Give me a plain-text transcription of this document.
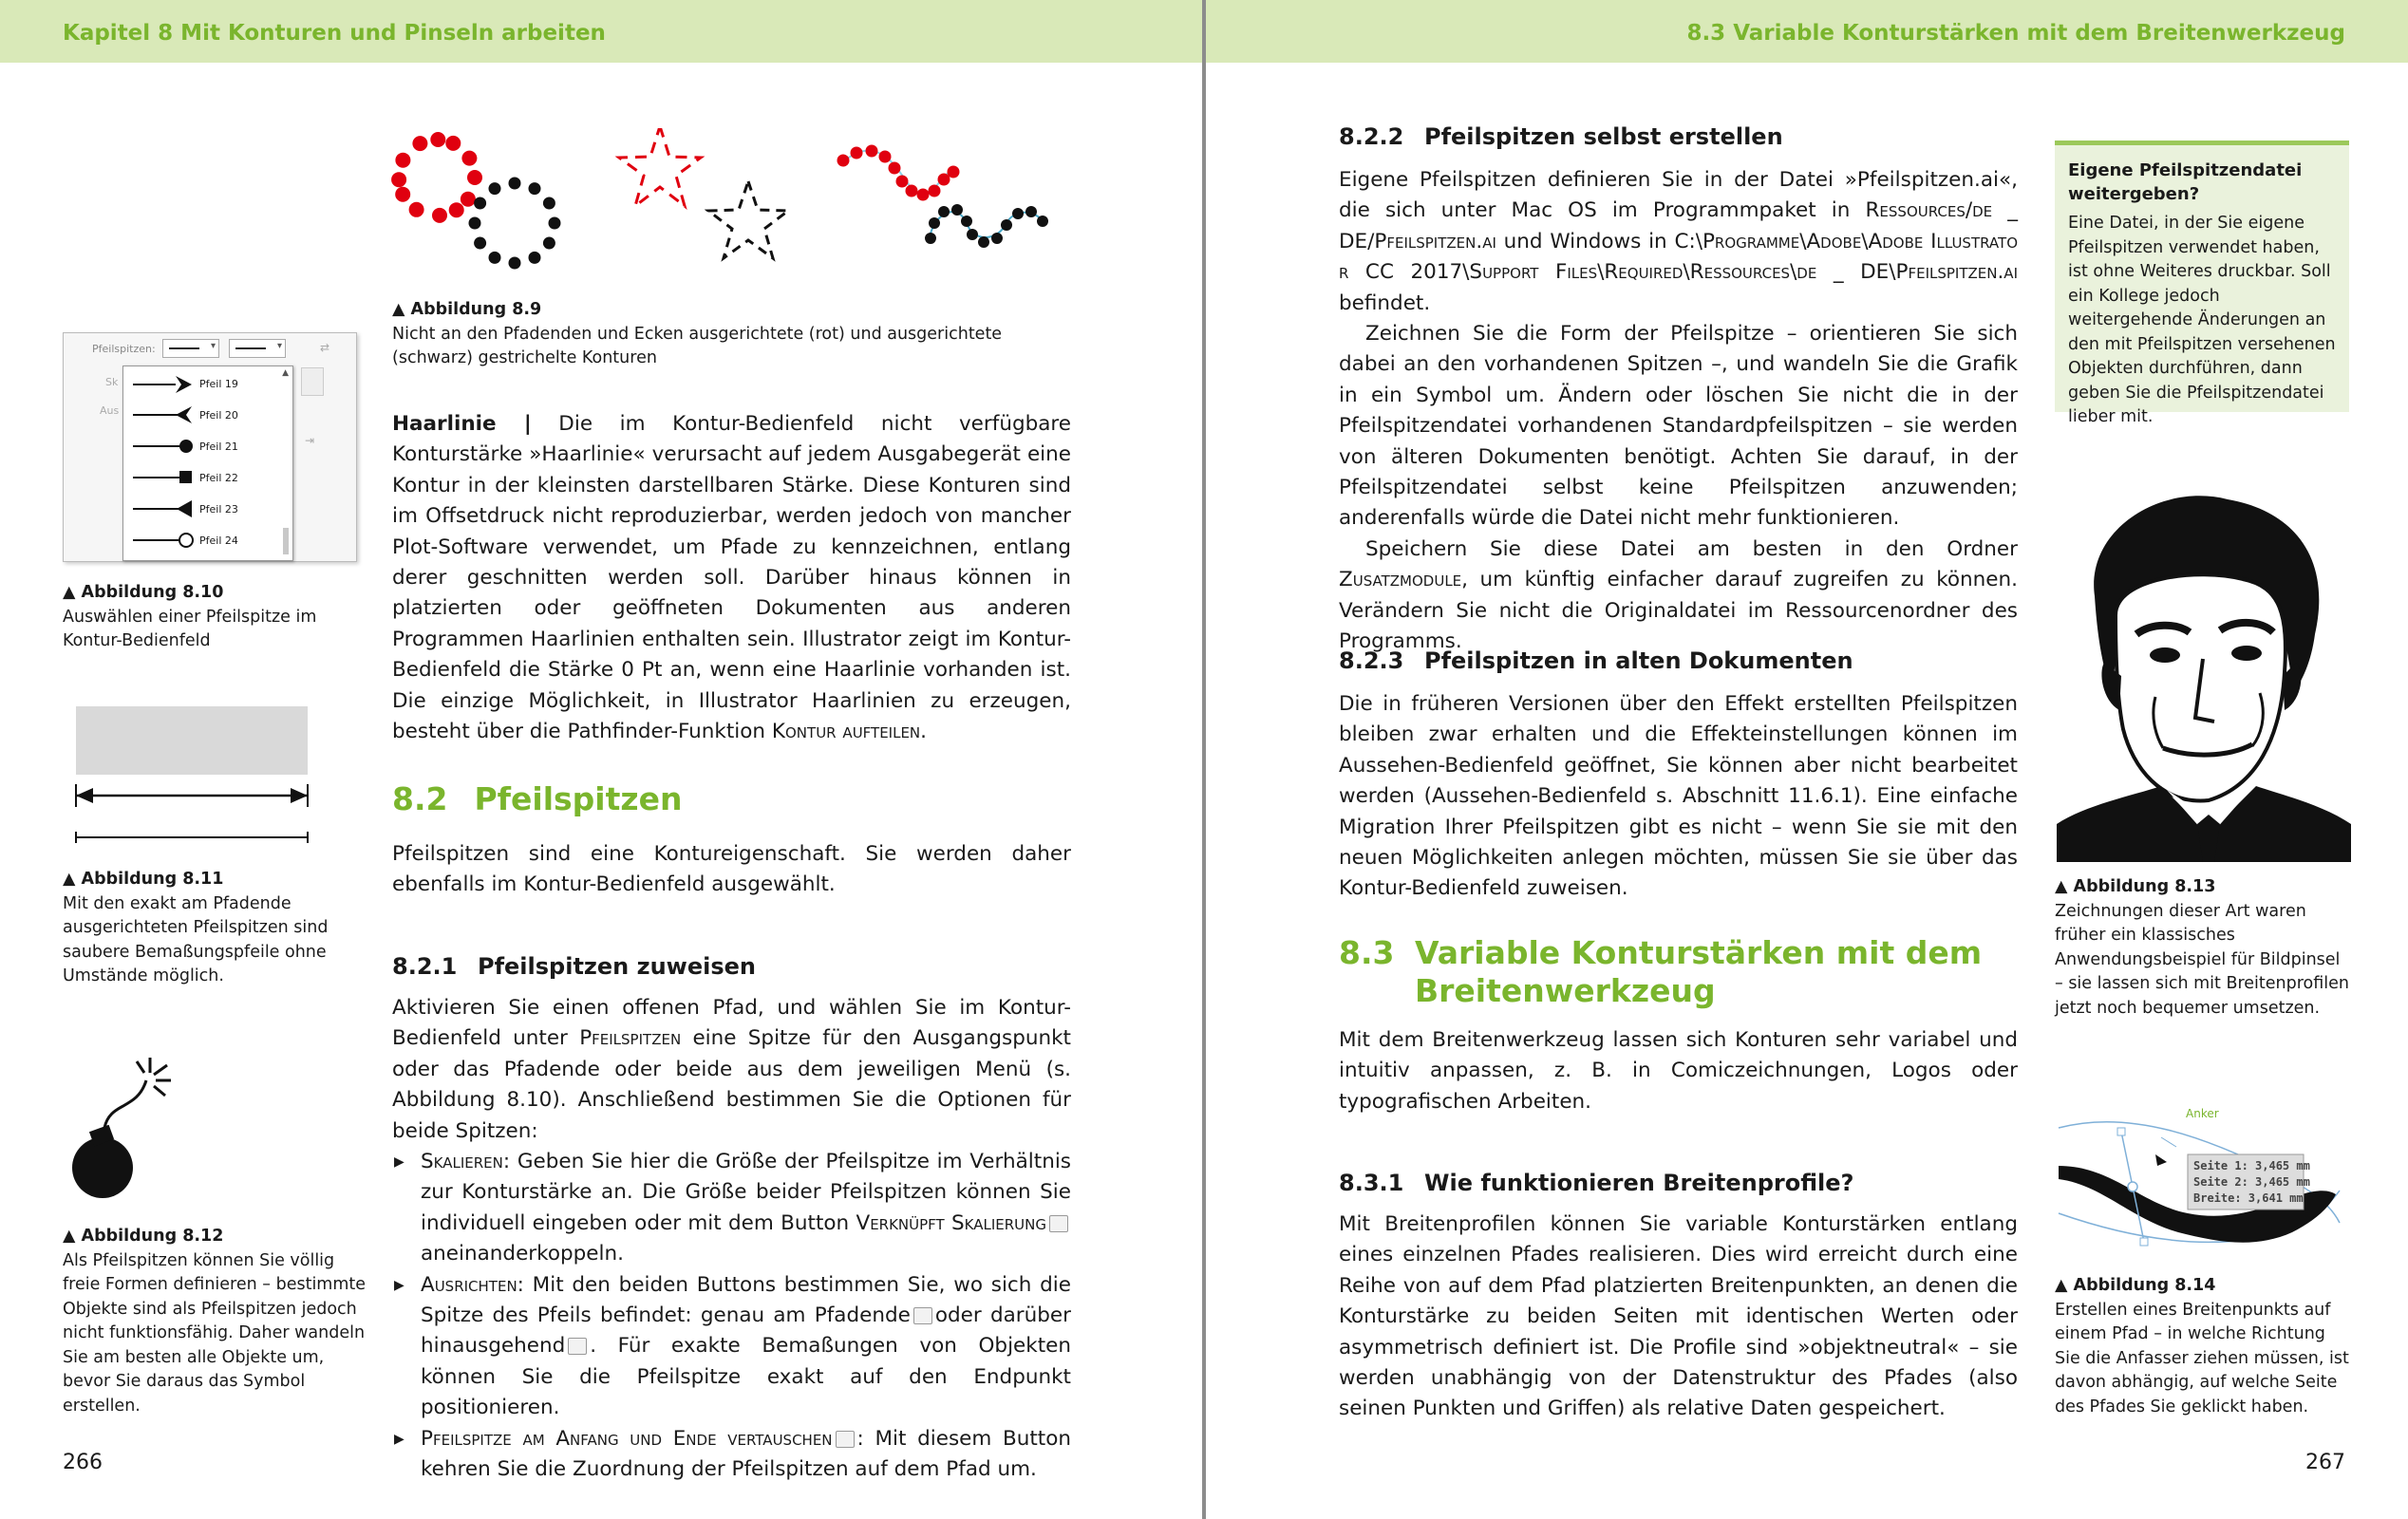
Kapitel 8 Mit Konturen und Pinseln arbeiten
▲ Abbildung 8.9
Nicht an den Pfadenden und Ecken ausgerichtete (rot) und ausgerichtete (schwarz) gestrichelte Konturen
Pfeilspitzen:	▾	▾	⇄
Sk
Aus
⇥
▲
Pfeil 19
Pfeil 20
Pfeil 21
Pfeil 22
Pfeil 23
Pfeil 24
▲ Abbildung 8.10
Auswählen einer Pfeilspitze im Kontur-Bedienfeld
▲ Abbildung 8.11
Mit den exakt am Pfadende ausgerichteten Pfeilspitzen sind saubere Bemaßungspfeile ohne Umstände möglich.
▲ Abbildung 8.12
Als Pfeilspitzen können Sie völlig freie Formen definieren – bestimmte Objekte sind als Pfeilspitzen jedoch nicht funktionsfähig. Daher wandeln Sie am besten alle Objekte um, bevor Sie daraus das Symbol erstellen.

Haarlinie | Die im Kontur-Bedienfeld nicht verfügbare Konturstärke »Haarlinie« verursacht auf jedem Ausgabegerät eine Kontur in der kleinsten darstellbaren Stärke. Diese Konturen sind im Offsetdruck nicht reproduzierbar, werden jedoch von mancher Plot-Software verwendet, um Pfade zu kennzeichnen, entlang derer geschnitten werden soll. Darüber hinaus können in platzierten oder geöffneten Dokumenten aus anderen Programmen Haarlinien enthalten sein. Illustrator zeigt im Kontur-Bedienfeld die Stärke 0 Pt an, wenn eine Haarlinie vorhanden ist. Die einzige Möglichkeit, in Illustrator Haarlinien zu erzeugen, besteht über die Pathfinder-Funktion Kontur aufteilen.

8.2 Pfeilspitzen

Pfeilspitzen sind eine Kontureigenschaft. Sie werden daher ebenfalls im Kontur-Bedienfeld ausgewählt.

8.2.1 Pfeilspitzen zuweisen

Aktivieren Sie einen offenen Pfad, und wählen Sie im Kontur-Bedienfeld unter Pfeilspitzen eine Spitze für den Ausgangspunkt oder das Pfadende oder beide aus dem jeweiligen Menü (s. Abbildung 8.10). Anschließend bestimmen Sie die Optionen für beide Spitzen:

▶ Skalieren: Geben Sie hier die Größe der Pfeilspitze im Verhältnis zur Konturstärke an. Die Größe beider Pfeilspitzen können Sie individuell eingeben oder mit dem Button Verknüpft Skalierunganeinanderkoppeln.

▶ Ausrichten: Mit den beiden Buttons bestimmen Sie, wo sich die Spitze des Pfeils befindet: genau am Pfadende oder darüber hinausgehend . Für exakte Bemaßungen von Objekten können Sie die Pfeilspitze exakt auf den Endpunkt positionieren.

▶ Pfeilspitze am Anfang und Ende vertauschen : Mit diesem Button kehren Sie die Zuordnung der Pfeilspitzen auf dem Pfad um.

266
8.3 Variable Konturstärken mit dem Breitenwerkzeug
8.2.2 Pfeilspitzen selbst erstellen

Eigene Pfeilspitzen definieren Sie in der Datei »Pfeilspitzen.ai«, die sich unter Mac OS im Programmpaket in Ressources/de _ DE/Pfeilspitzen.ai und Windows in C:\Programme\Adobe\Adobe Illustrator CC 2017\Support Files\Required\Ressources\de _ DE\Pfeilspitzen.ai befindet.

Zeichnen Sie die Form der Pfeilspitze – orientieren Sie sich dabei an den vorhandenen Spitzen –, und wandeln Sie die Grafik in ein Symbol um. Ändern oder löschen Sie nicht die in der Pfeilspitzendatei vorhandenen Standardpfeilspitzen – sie werden von älteren Dokumenten benötigt. Achten Sie darauf, in der Pfeilspitzendatei selbst keine Pfeilspitzen anzuwenden; anderenfalls würde die Datei nicht mehr funktionieren.

Speichern Sie diese Datei am besten in den Ordner Zusatzmodule, um künftig einfacher darauf zugreifen zu können. Verändern Sie nicht die Originaldatei im Ressourcenordner des Programms.

8.2.3 Pfeilspitzen in alten Dokumenten

Die in früheren Versionen über den Effekt erstellten Pfeilspitzen bleiben zwar erhalten und die Effekteinstellungen können im Aussehen-Bedienfeld geöffnet, Sie können aber nicht bearbeitet werden (Aussehen-Bedienfeld s. Abschnitt 11.6.1). Eine einfache Migration Ihrer Pfeilspitzen gibt es nicht – wenn Sie sie mit den neuen Möglichkeiten anlegen möchten, müssen Sie sie über das Kontur-Bedienfeld zuweisen.

8.3 Variable Konturstärken mit dem
Breitenwerkzeug

Mit dem Breitenwerkzeug lassen sich Konturen sehr variabel und intuitiv anpassen, z. B. in Comiczeichnungen, Logos oder typografischen Arbeiten.

8.3.1 Wie funktionieren Breitenprofile?

Mit Breitenprofilen können Sie variable Konturstärken entlang eines einzelnen Pfades realisieren. Dies wird erreicht durch eine Reihe von auf dem Pfad platzierten Breitenpunkten, an denen die Konturstärke zu beiden Seiten mit identischen Werten oder asymmetrisch definiert ist. Die Profile sind »objektneutral« – sie werden unabhängig von der Datenstruktur des Pfades (also seinen Punkten und Griffen) als relative Daten gespeichert.

Eigene Pfeilspitzendatei weitergeben?
Eine Datei, in der Sie eigene Pfeilspitzen verwendet haben, ist ohne Weiteres druckbar. Soll ein Kollege jedoch weitergehende Änderungen an den mit Pfeilspitzen versehenen Objekten durchführen, dann geben Sie die Pfeilspitzendatei lieber mit.
▲ Abbildung 8.13
Zeichnungen dieser Art waren früher ein klassisches Anwendungsbeispiel für Bildpinsel – sie lassen sich mit Breitenprofilen jetzt noch bequemer umsetzen.
Anker
Seite 1: 3,465 mm
Seite 2: 3,465 mm
Breite: 3,641 mm
▲ Abbildung 8.14
Erstellen eines Breitenpunkts auf einem Pfad – in welche Richtung Sie die Anfasser ziehen müssen, ist davon abhängig, auf welche Seite des Pfades Sie geklickt haben.
267
